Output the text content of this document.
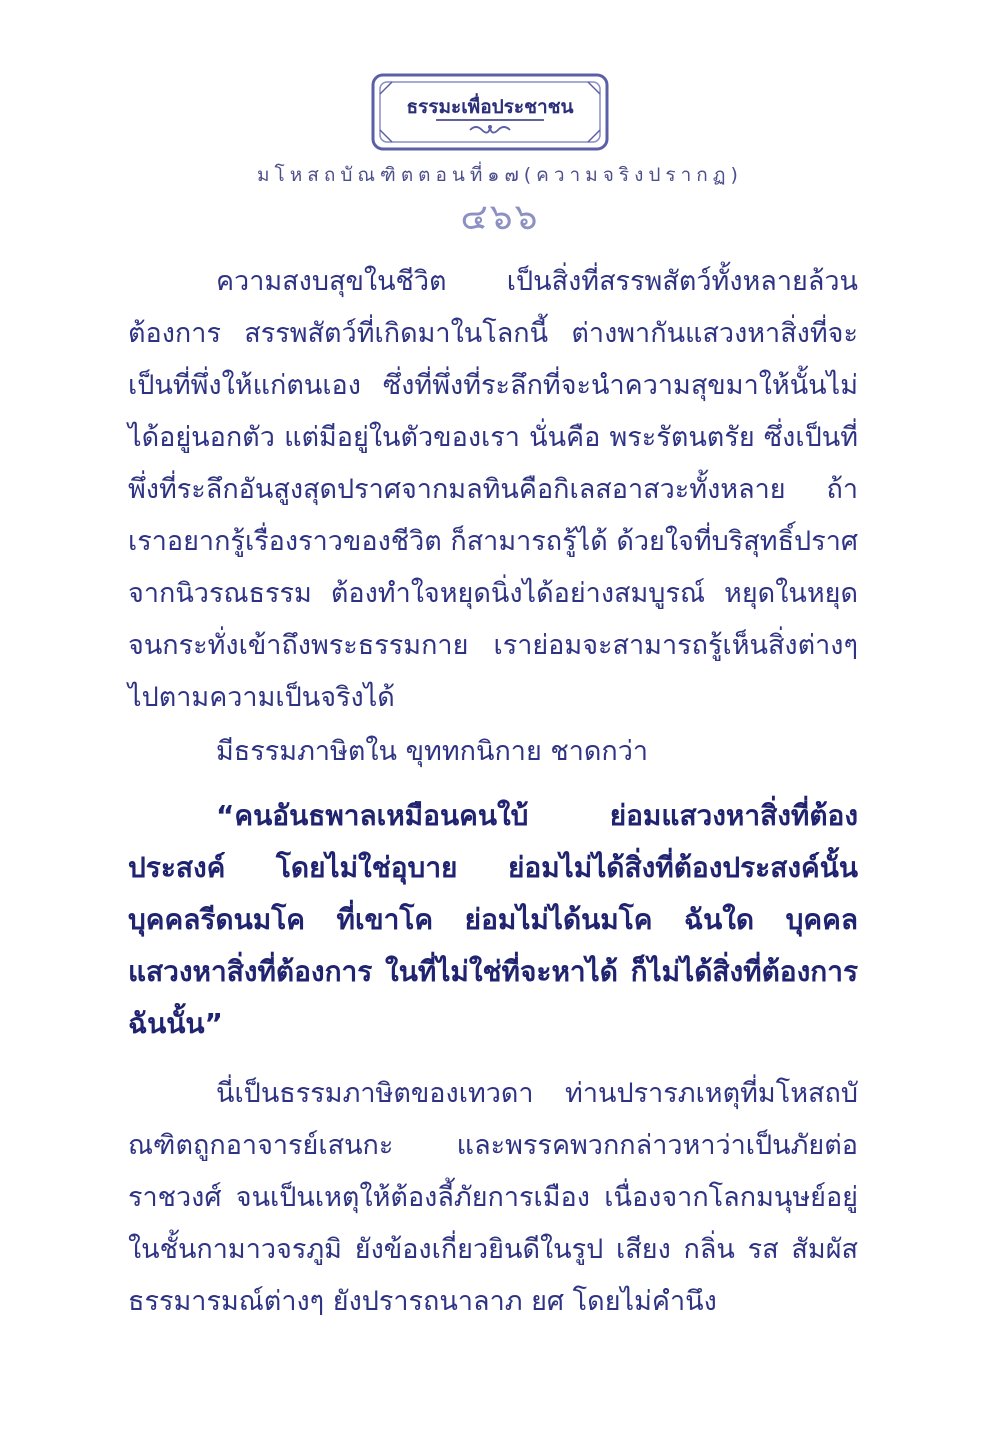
ธรรมะเพื่อประชาชน
มโหสถบัณฑิตตอนที่๑๗(ความจริงปรากฏ)
๔๖๖

ความสงบสุขในชีวิต เป็นสิ่งที่สรรพสัตว์ทั้งหลายล้วนต้องการ สรรพสัตว์ที่เกิดมาในโลกนี้ ต่างพากันแสวงหาสิ่งที่จะเป็นที่พึ่งให้แก่ตนเอง ซึ่งที่พึ่งที่ระลึกที่จะนำความสุขมาให้นั้นไม่ได้อยู่นอกตัว แต่มีอยู่ในตัวของเรา นั่นคือ พระรัตนตรัย ซึ่งเป็นที่พึ่งที่ระลึกอันสูงสุดปราศจากมลทินคือกิเลสอาสวะทั้งหลาย ถ้าเราอยากรู้เรื่องราวของชีวิต ก็สามารถรู้ได้ ด้วยใจที่บริสุทธิ์ปราศจากนิวรณธรรม ต้องทำใจหยุดนิ่งได้อย่างสมบูรณ์ หยุดในหยุดจนกระทั่งเข้าถึงพระธรรมกาย เราย่อมจะสามารถรู้เห็นสิ่งต่างๆ ไปตามความเป็นจริงได้

มีธรรมภาษิตใน ขุททกนิกาย ชาดกว่า

“คนอันธพาลเหมือนคนใบ้ ย่อมแสวงหาสิ่งที่ต้องประสงค์ โดยไม่ใช่อุบาย ย่อมไม่ได้สิ่งที่ต้องประสงค์นั้น บุคคลรีดนมโค ที่เขาโค ย่อมไม่ได้นมโค ฉันใด บุคคลแสวงหาสิ่งที่ต้องการ ในที่ไม่ใช่ที่จะหาได้ ก็ไม่ได้สิ่งที่ต้องการ ฉันนั้น”

นี่เป็นธรรมภาษิตของเทวดา ท่านปรารภเหตุที่มโหสถบัณฑิตถูกอาจารย์เสนกะ และพรรคพวกกล่าวหาว่าเป็นภัยต่อราชวงศ์ จนเป็นเหตุให้ต้องลี้ภัยการเมือง เนื่องจากโลกมนุษย์อยู่ในชั้นกามาวจรภูมิ ยังข้องเกี่ยวยินดีในรูป เสียง กลิ่น รส สัมผัส ธรรมารมณ์ต่างๆ ยังปรารถนาลาภ ยศ โดยไม่คำนึง
